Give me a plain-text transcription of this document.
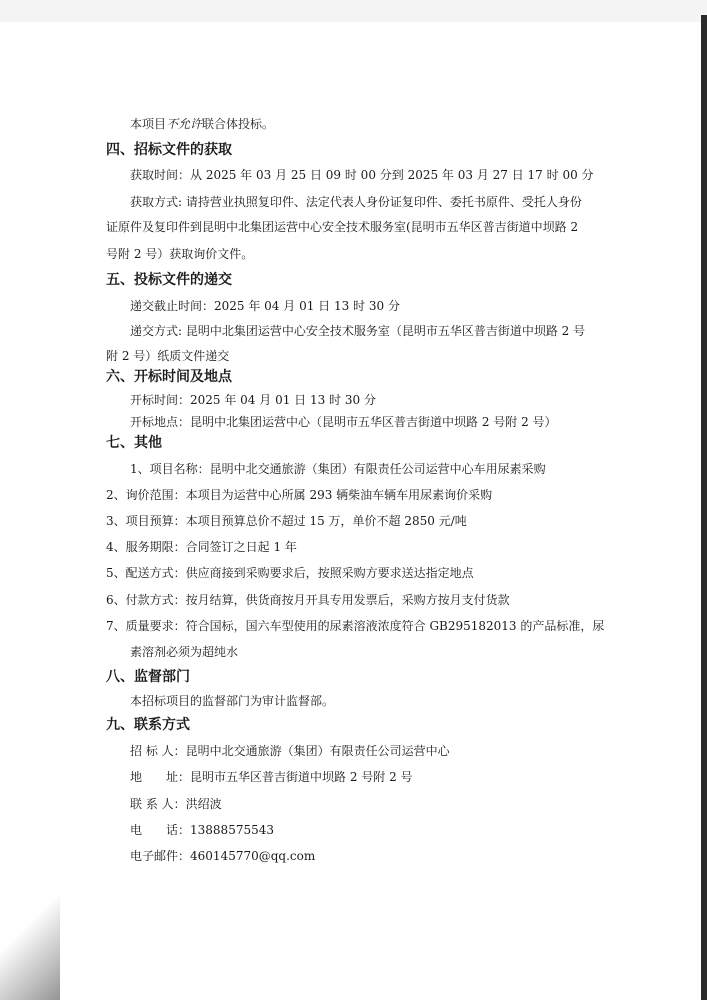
本项目不允许联合体投标。
四、招标文件的获取
获取时间：从 2025 年 03 月 25 日 09 时 00 分到 2025 年 03 月 27 日 17 时 00 分
获取方式: 请持营业执照复印件、法定代表人身份证复印件、委托书原件、受托人身份
证原件及复印件到昆明中北集团运营中心安全技术服务室(昆明市五华区普吉街道中坝路 2
号附 2 号）获取询价文件。
五、投标文件的递交
递交截止时间：2025 年 04 月 01 日 13 时 30 分
递交方式: 昆明中北集团运营中心安全技术服务室（昆明市五华区普吉街道中坝路 2 号
附 2 号）纸质文件递交
六、开标时间及地点
开标时间：2025 年 04 月 01 日 13 时 30 分
开标地点：昆明中北集团运营中心（昆明市五华区普吉街道中坝路 2 号附 2 号）
七、其他
1、项目名称：昆明中北交通旅游（集团）有限责任公司运营中心车用尿素采购
2、询价范围：本项目为运营中心所属 293 辆柴油车辆车用尿素询价采购
3、项目预算：本项目预算总价不超过 15 万，单价不超 2850 元/吨
4、服务期限：合同签订之日起 1 年
5、配送方式：供应商接到采购要求后，按照采购方要求送达指定地点
6、付款方式：按月结算，供货商按月开具专用发票后，采购方按月支付货款
7、质量要求：符合国标，国六车型使用的尿素溶液浓度符合 GB295182013 的产品标准，尿
素溶剂必须为超纯水
八、监督部门
本招标项目的监督部门为审计监督部。
九、联系方式
招 标 人：昆明中北交通旅游（集团）有限责任公司运营中心
地　　址：昆明市五华区普吉街道中坝路 2 号附 2 号
联 系 人：洪绍波
电　　话：13888575543
电子邮件：460145770@qq.com
